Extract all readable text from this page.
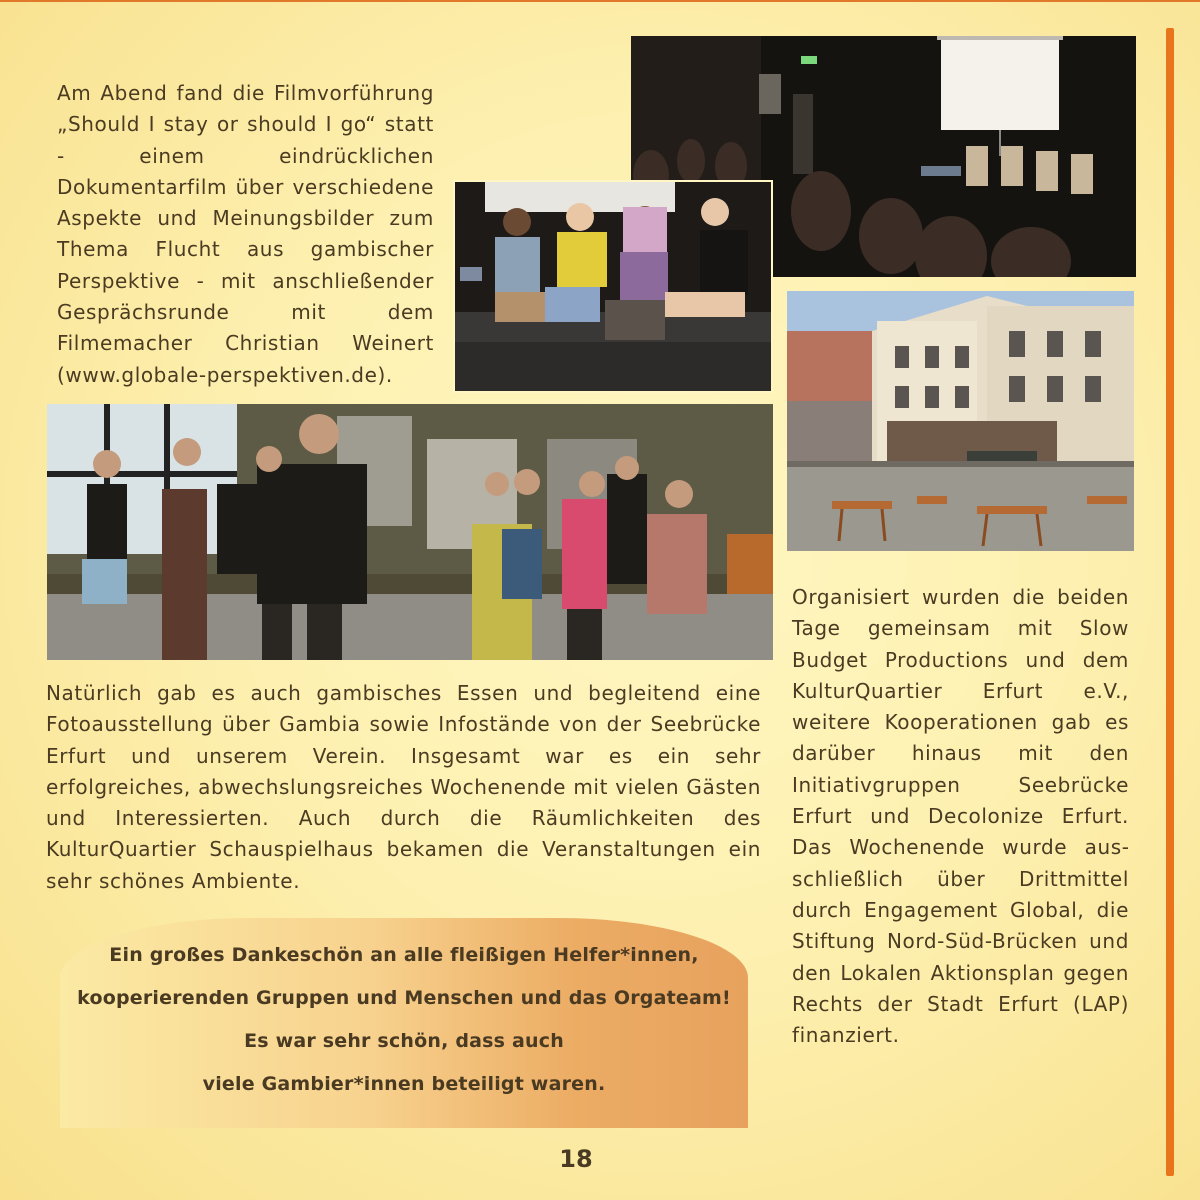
Am Abend fand die Filmvorführung „Should I stay or should I go“ statt - einem eindrücklichen Dokumentarfilm über verschiedene Aspekte und Meinungsbilder zum Thema Flucht aus gambischer Perspektive - mit anschließender Gesprächsrunde mit dem Filmemacher Christian Weinert (www.globale-perspektiven.de).

Natürlich gab es auch gambisches Essen und begleitend eine Fotoausstellung über Gambia sowie Infostände von der Seebrücke Erfurt und unserem Verein. Insgesamt war es ein sehr erfolgreiches, abwechslungsreiches Wochenende mit vielen Gästen und Interessierten. Auch durch die Räumlichkeiten des KulturQuartier Schauspielhaus bekamen die Veranstaltungen ein sehr schönes Ambiente.

Organisiert wurden die beiden Tage gemeinsam mit Slow Budget Productions und dem KulturQuartier Erfurt e.V., weitere Kooperationen gab es darüber hinaus mit den Initiativgruppen Seebrücke Erfurt und Decolonize Erfurt. Das Wochenende wurde ausschließlich über Drittmittel durch Engagement Global, die Stiftung Nord-Süd-Brücken und den Lokalen Aktionsplan gegen Rechts der Stadt Erfurt (LAP) finanziert.

Ein großes Dankeschön an alle fleißigen Helfer*innen,

kooperierenden Gruppen und Menschen und das Orgateam!

Es war sehr schön, dass auch

viele Gambier*innen beteiligt waren.

18
